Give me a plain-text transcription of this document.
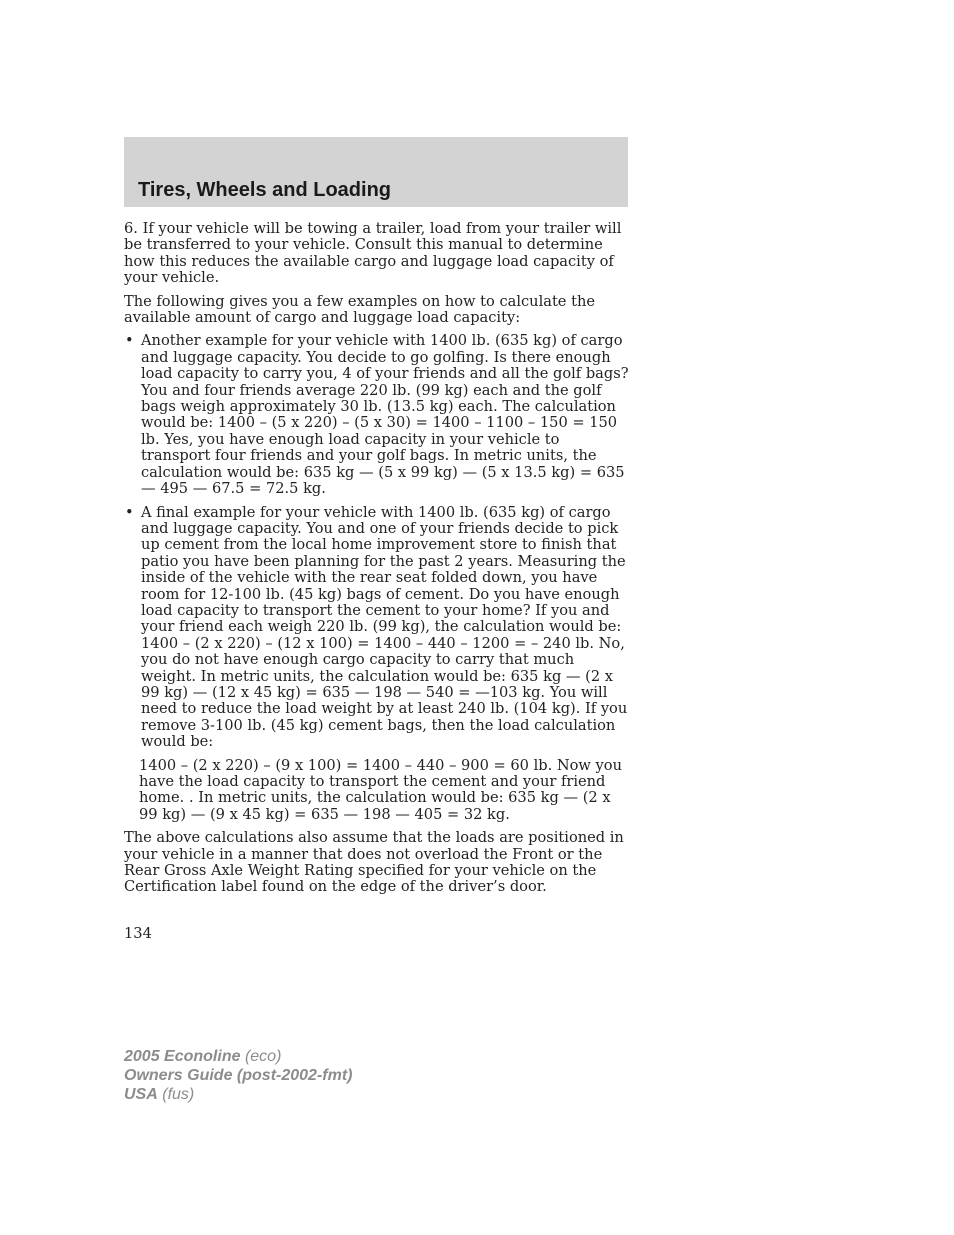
Tires, Wheels and Loading

6. If your vehicle will be towing a trailer, load from your trailer will be transferred to your vehicle. Consult this manual to determine how this reduces the available cargo and luggage load capacity of your vehicle.

The following gives you a few examples on how to calculate the available amount of cargo and luggage load capacity:

• Another example for your vehicle with 1400 lb. (635 kg) of cargo and luggage capacity. You decide to go golfing. Is there enough load capacity to carry you, 4 of your friends and all the golf bags? You and four friends average 220 lb. (99 kg) each and the golf bags weigh approximately 30 lb. (13.5 kg) each. The calculation would be: 1400 – (5 x 220) – (5 x 30) = 1400 – 1100 – 150 = 150 lb. Yes, you have enough load capacity in your vehicle to transport four friends and your golf bags. In metric units, the calculation would be: 635 kg — (5 x 99 kg) — (5 x 13.5 kg) = 635 — 495 — 67.5 = 72.5 kg.
• A final example for your vehicle with 1400 lb. (635 kg) of cargo and luggage capacity. You and one of your friends decide to pick up cement from the local home improvement store to finish that patio you have been planning for the past 2 years. Measuring the inside of the vehicle with the rear seat folded down, you have room for 12-100 lb. (45 kg) bags of cement. Do you have enough load capacity to transport the cement to your home? If you and your friend each weigh 220 lb. (99 kg), the calculation would be: 1400 – (2 x 220) – (12 x 100) = 1400 – 440 – 1200 = – 240 lb. No, you do not have enough cargo capacity to carry that much weight. In metric units, the calculation would be: 635 kg — (2 x 99 kg) — (12 x 45 kg) = 635 — 198 — 540 = —103 kg. You will need to reduce the load weight by at least 240 lb. (104 kg). If you remove 3-100 lb. (45 kg) cement bags, then the load calculation would be:

1400 – (2 x 220) – (9 x 100) = 1400 – 440 – 900 = 60 lb. Now you have the load capacity to transport the cement and your friend home. . In metric units, the calculation would be: 635 kg — (2 x 99 kg) — (9 x 45 kg) = 635 — 198 — 405 = 32 kg.

The above calculations also assume that the loads are positioned in your vehicle in a manner that does not overload the Front or the Rear Gross Axle Weight Rating specified for your vehicle on the Certification label found on the edge of the driver’s door.

134
2005 Econoline (eco)
Owners Guide (post-2002-fmt)
USA (fus)
